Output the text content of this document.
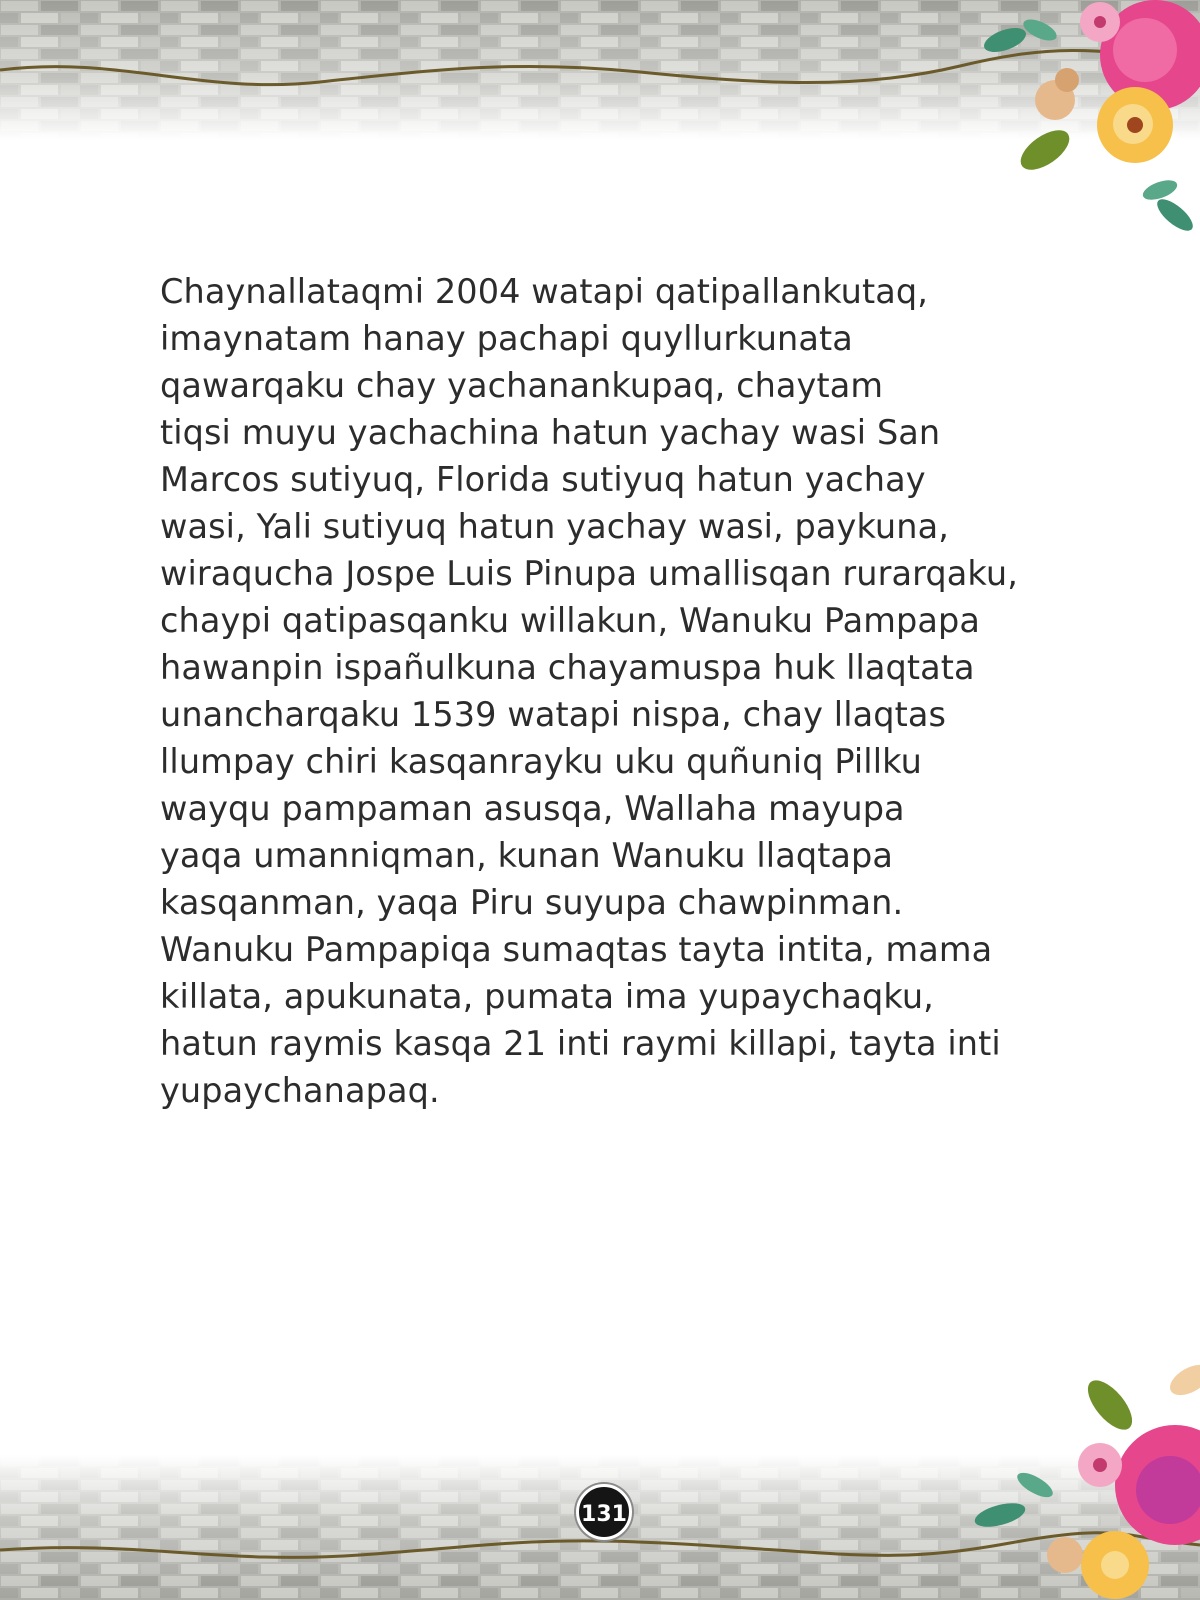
Chaynallataqmi 2004 watapi qatipallankutaq,
imaynatam hanay pachapi quyllurkunata
qawarqaku chay yachanankupaq, chaytam
tiqsi muyu yachachina hatun yachay wasi San
Marcos sutiyuq, Florida sutiyuq hatun yachay
wasi, Yali sutiyuq hatun yachay wasi, paykuna,
wiraqucha Jospe Luis Pinupa umallisqan rurarqaku,
chaypi qatipasqanku willakun, Wanuku Pampapa
hawanpin ispañulkuna chayamuspa huk llaqtata
unancharqaku 1539 watapi nispa, chay llaqtas
llumpay chiri kasqanrayku uku quñuniq Pillku
wayqu pampaman asusqa, Wallaha mayupa
yaqa umanniqman, kunan Wanuku llaqtapa
kasqanman, yaqa Piru suyupa chawpinman.
Wanuku Pampapiqa sumaqtas tayta intita, mama
killata, apukunata, pumata ima yupaychaqku,
hatun raymis kasqa 21 inti raymi killapi, tayta inti
yupaychanapaq.

131
